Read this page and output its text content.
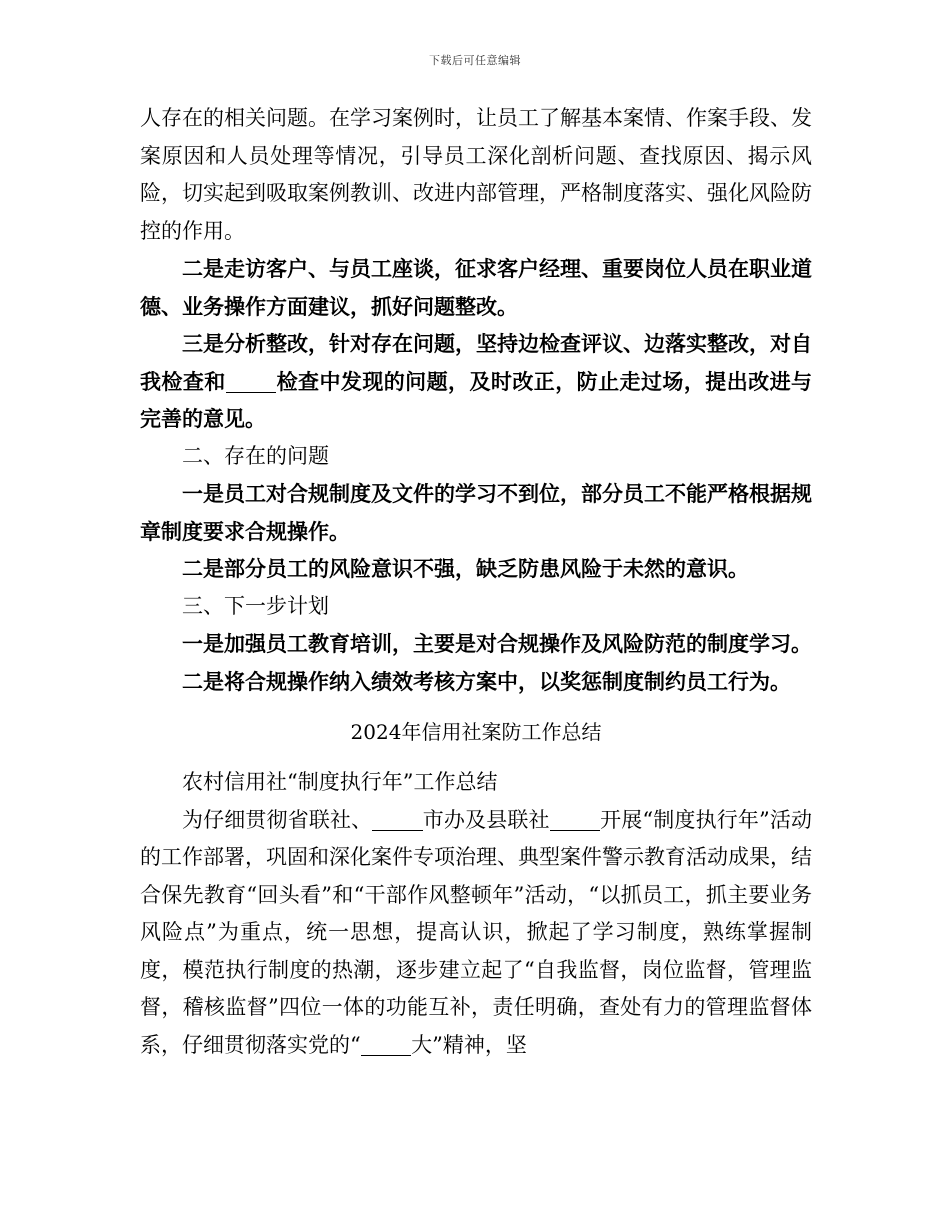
下载后可任意编辑

人存在的相关问题。在学习案例时，让员工了解基本案情、作案手段、发案原因和人员处理等情况，引导员工深化剖析问题、查找原因、揭示风险，切实起到吸取案例教训、改进内部管理，严格制度落实、强化风险防控的作用。

二是走访客户、与员工座谈，征求客户经理、重要岗位人员在职业道德、业务操作方面建议，抓好问题整改。

三是分析整改，针对存在问题，坚持边检查评议、边落实整改，对自我检查和 检查中发现的问题，及时改正，防止走过场，提出改进与完善的意见。

二、存在的问题

一是员工对合规制度及文件的学习不到位，部分员工不能严格根据规章制度要求合规操作。

二是部分员工的风险意识不强，缺乏防患风险于未然的意识。

三、下一步计划

一是加强员工教育培训，主要是对合规操作及风险防范的制度学习。

二是将合规操作纳入绩效考核方案中，以奖惩制度制约员工行为。

2024年信用社案防工作总结

农村信用社“制度执行年”工作总结

为仔细贯彻省联社、 市办及县联社 开展“制度执行年”活动的工作部署，巩固和深化案件专项治理、典型案件警示教育活动成果，结合保先教育“回头看”和“干部作风整顿年”活动，“以抓员工，抓主要业务风险点”为重点，统一思想，提高认识，掀起了学习制度，熟练掌握制度，模范执行制度的热潮，逐步建立起了“自我监督，岗位监督，管理监督，稽核监督”四位一体的功能互补，责任明确，查处有力的管理监督体系，仔细贯彻落实党的“ 大”精神，坚
